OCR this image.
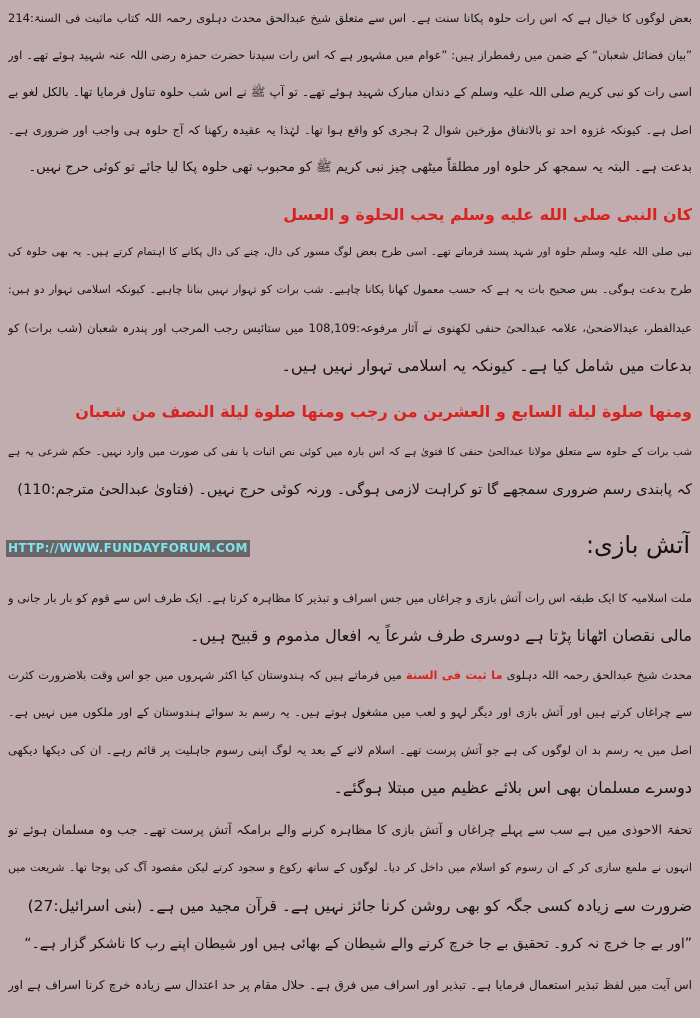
بعض لوگوں کا خیال ہے کہ اس رات حلوہ پکانا سنت ہے۔ اس سے متعلق شیخ عبدالحق محدث دہلوی رحمہ اللہ کتاب ماثبت فی السنۃ:214
”بیان فضائل شعبان“ کے ضمن میں رقمطراز ہیں: ”عوام میں مشہور ہے کہ اس رات سیدنا حضرت حمزہ رضی اللہ عنہ شہید ہوئے تھے۔ اور
اسی رات کو نبی کریم صلی اللہ علیہ وسلم کے دندان مبارک شہید ہوئے تھے۔ تو آپ ﷺ نے اس شب حلوہ تناول فرمایا تھا۔ بالکل لغو بے
اصل ہے۔ کیونکہ غزوہ احد تو بالاتفاق مؤرخین شوال 2 ہجری کو واقع ہوا تھا۔ لہٰذا یہ عقیدہ رکھنا کہ آج حلوہ ہی واجب اور ضروری ہے۔
بدعت ہے۔ البتہ یہ سمجھ کر حلوہ اور مطلقاً میٹھی چیز نبی کریم ﷺ کو محبوب تھی حلوہ پکا لیا جائے تو کوئی حرج نہیں۔
كان النبى صلى الله عليه وسلم يحب الحلوة و العسل
نبی صلی اللہ علیہ وسلم حلوہ اور شہد پسند فرماتے تھے۔ اسی طرح بعض لوگ مسور کی دال، چنے کی دال پکانے کا اہتمام کرتے ہیں۔ یہ بھی حلوہ کی
طرح بدعت ہوگی۔ بس صحیح بات یہ ہے کہ حسب معمول کھانا پکانا چاہیے۔ شب برات کو تہوار نہیں بنانا چاہیے۔ کیونکہ اسلامی تہوار دو ہیں:
عیدالفطر، عیدالاضحیٰ، علامہ عبدالحیٔ حنفی لکھنوی نے آثار مرفوعہ:108,109 میں ستائیس رجب المرجب اور پندرہ شعبان (شب برات) کو
بدعات میں شامل کیا ہے۔ کیونکہ یہ اسلامی تہوار نہیں ہیں۔
ومنها صلوة ليلة السابع و العشرين من رجب ومنها صلوة ليلة النصف من شعبان
شب برات کے حلوہ سے متعلق مولانا عبدالحیٔ حنفی کا فتویٰ ہے کہ اس بارہ میں کوئی نص اثبات یا نفی کی صورت میں وارد نہیں۔ حکم شرعی یہ ہے
کہ پابندی رسم ضروری سمجھے گا تو کراہت لازمی ہوگی۔ ورنہ کوئی حرج نہیں۔ (فتاویٰ عبدالحیٔ مترجم:110)
HTTP://WWW.FUNDAYFORUM.COM	آتش بازی:
ملت اسلامیہ کا ایک طبقہ اس رات آتش بازی و چراغاں میں جس اسراف و تبذیر کا مظاہرہ کرتا ہے۔ ایک طرف اس سے قوم کو بار بار جانی و
مالی نقصان اٹھانا پڑتا ہے دوسری طرف شرعاً یہ افعال مذموم و قبیح ہیں۔
محدث شیخ عبدالحق رحمہ اللہ دہلوی ما ثبت فى السنة میں فرماتے ہیں کہ ہندوستان کیا اکثر شہروں میں جو اس وقت بلاضرورت کثرت
سے چراغاں کرتے ہیں اور آتش بازی اور دیگر لہو و لعب میں مشغول ہوتے ہیں۔ یہ رسم بد سوائے ہندوستان کے اور ملکوں میں نہیں ہے۔
اصل میں یہ رسم بد ان لوگوں کی ہے جو آتش پرست تھے۔ اسلام لانے کے بعد یہ لوگ اپنی رسوم جاہلیت پر قائم رہے۔ ان کی دیکھا دیکھی
دوسرے مسلمان بھی اس بلائے عظیم میں مبتلا ہوگئے۔
تحفۃ الاحوذی میں ہے سب سے پہلے چراغاں و آتش بازی کا مظاہرہ کرنے والے برامکہ آتش پرست تھے۔ جب وہ مسلمان ہوئے تو
انہوں نے ملمع سازی کر کے ان رسوم کو اسلام میں داخل کر دیا۔ لوگوں کے ساتھ رکوع و سجود کرتے لیکن مقصود آگ کی پوجا تھا۔ شریعت میں
ضرورت سے زیادہ کسی جگہ کو بھی روشن کرنا جائز نہیں ہے۔ قرآن مجید میں ہے۔ (بنی اسرائیل:27)
”اور بے جا خرچ نہ کرو۔ تحقیق بے جا خرچ کرنے والے شیطان کے بھائی ہیں اور شیطان اپنے رب کا ناشکر گزار ہے۔“
اس آیت میں لفظ تبذیر استعمال فرمایا ہے۔ تبذیر اور اسراف میں فرق ہے۔ حلال مقام پر حد اعتدال سے زیادہ خرچ کرنا اسراف ہے اور
